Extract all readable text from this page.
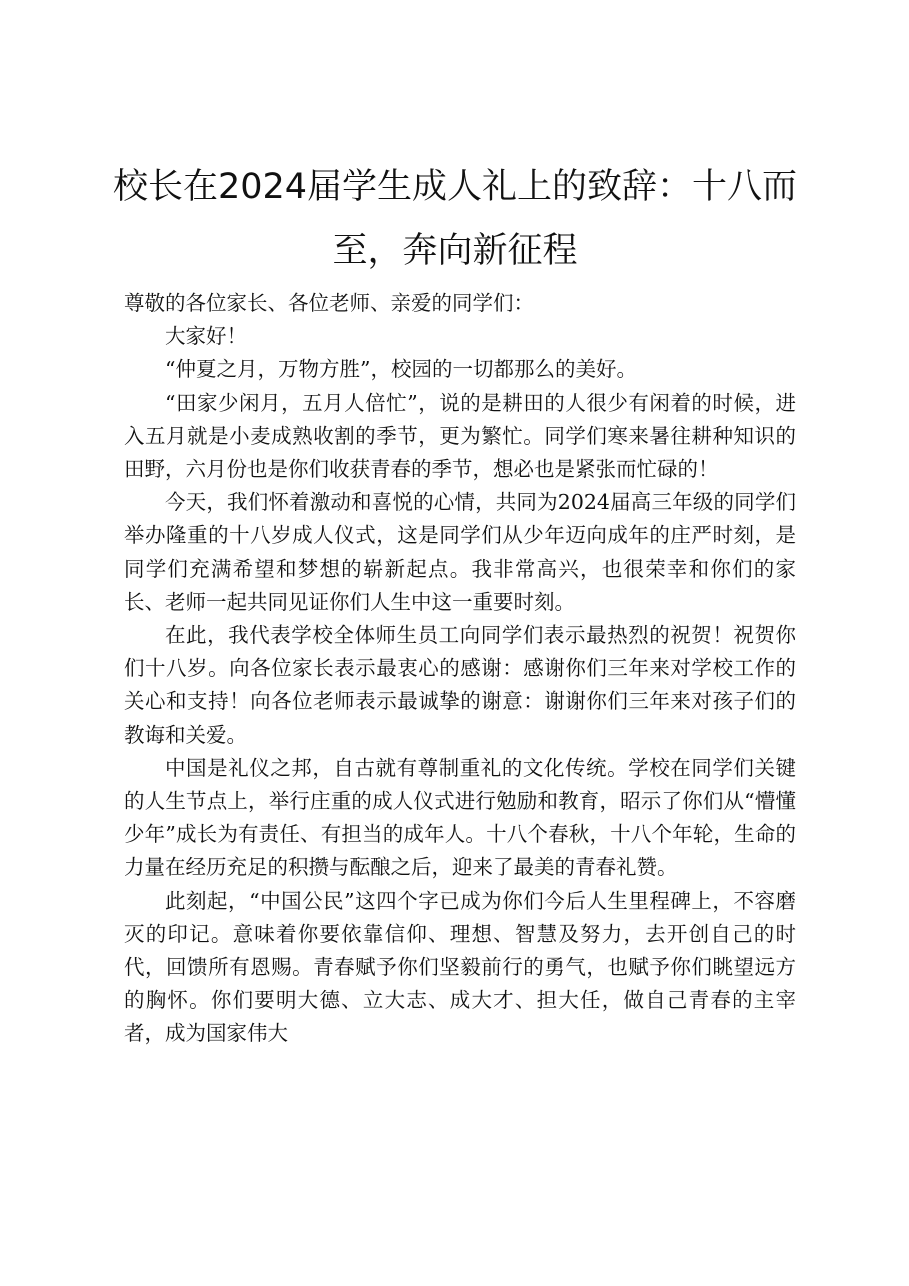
校长在2024届学生成人礼上的致辞：十八而至，奔向新征程

尊敬的各位家长、各位老师、亲爱的同学们：

大家好！

“仲夏之月，万物方胜”，校园的一切都那么的美好。

“田家少闲月，五月人倍忙”，说的是耕田的人很少有闲着的时候，进入五月就是小麦成熟收割的季节，更为繁忙。同学们寒来暑往耕种知识的田野，六月份也是你们收获青春的季节，想必也是紧张而忙碌的！

今天，我们怀着激动和喜悦的心情，共同为2024届高三年级的同学们举办隆重的十八岁成人仪式，这是同学们从少年迈向成年的庄严时刻，是同学们充满希望和梦想的崭新起点。我非常高兴，也很荣幸和你们的家长、老师一起共同见证你们人生中这一重要时刻。

在此，我代表学校全体师生员工向同学们表示最热烈的祝贺！祝贺你们十八岁。向各位家长表示最衷心的感谢：感谢你们三年来对学校工作的关心和支持！向各位老师表示最诚挚的谢意：谢谢你们三年来对孩子们的教诲和关爱。

中国是礼仪之邦，自古就有尊制重礼的文化传统。学校在同学们关键的人生节点上，举行庄重的成人仪式进行勉励和教育，昭示了你们从“懵懂少年”成长为有责任、有担当的成年人。十八个春秋，十八个年轮，生命的力量在经历充足的积攒与酝酿之后，迎来了最美的青春礼赞。

此刻起，“中国公民”这四个字已成为你们今后人生里程碑上，不容磨灭的印记。意味着你要依靠信仰、理想、智慧及努力，去开创自己的时代，回馈所有恩赐。青春赋予你们坚毅前行的勇气，也赋予你们眺望远方的胸怀。你们要明大德、立大志、成大才、担大任，做自己青春的主宰者，成为国家伟大
